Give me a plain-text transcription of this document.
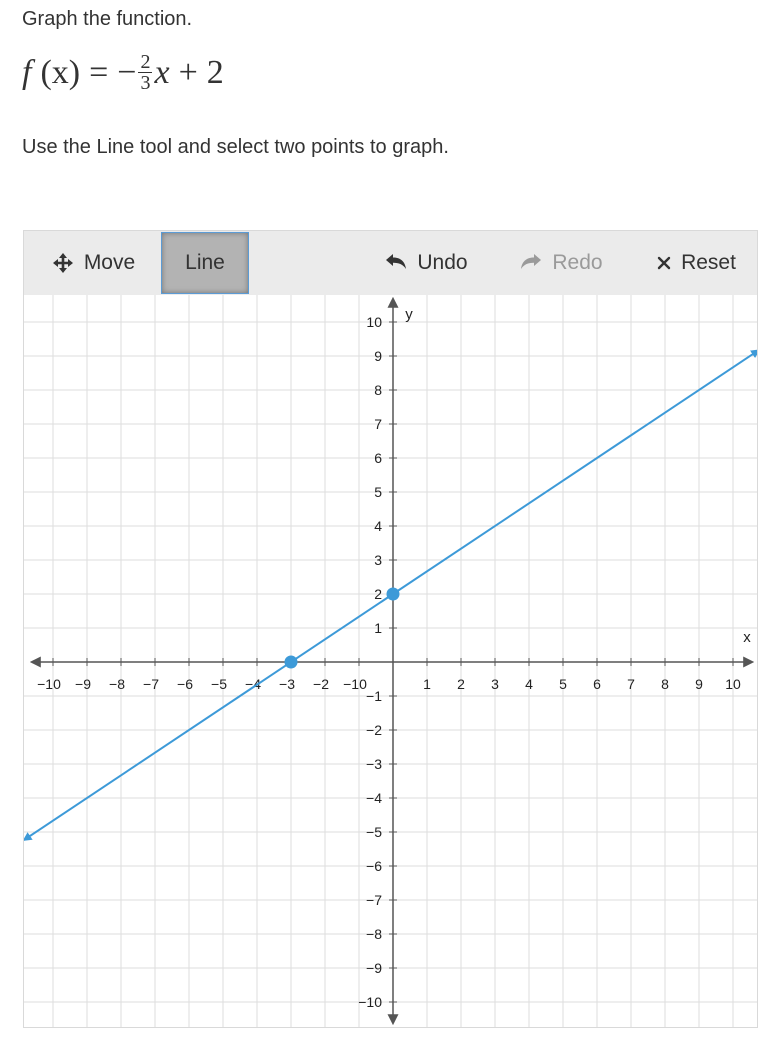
Graph the function.
f (x) = − $\frac{2}{3}$ x + 2
Use the Line tool and select two points to graph.
Move Line	Undo	Redo	Reset
−10 −9 −8 −7 −6 −5 −4 −3 −2 −10	1 2 3 4 5 6 7 8 9 10
1
2
3
4
5
6
7
8
9
10
−1
−2
−3
−4
−5
−6
−7
−8
−9
−10
x
y
